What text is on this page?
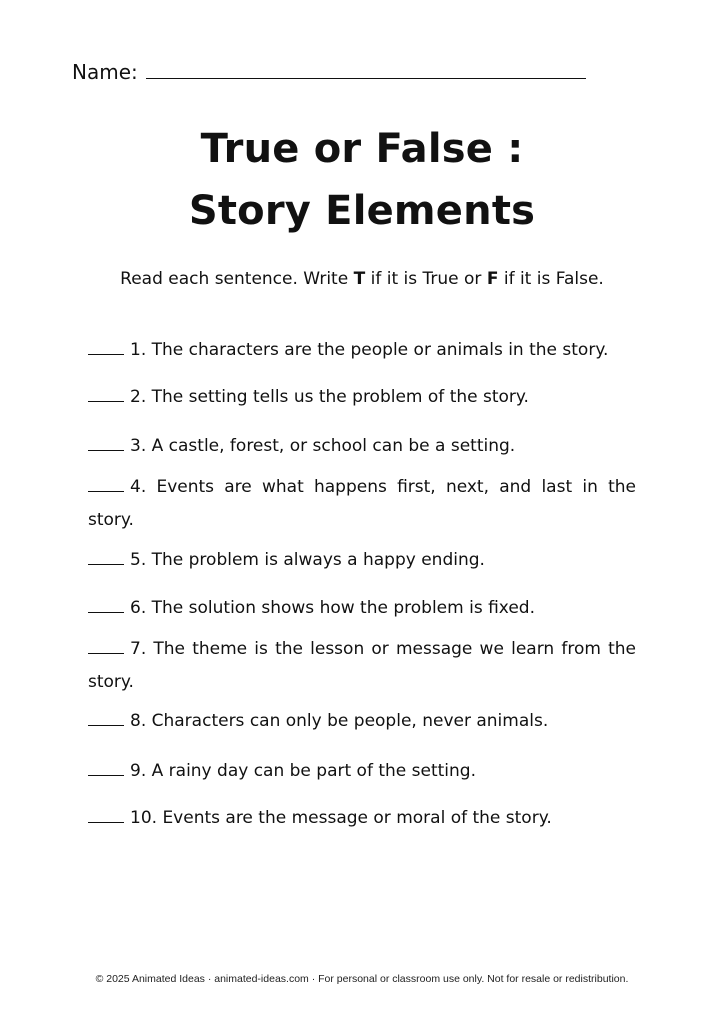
Name:
True or False :
Story Elements
Read each sentence. Write T if it is True or F if it is False.
1. The characters are the people or animals in the story.
2. The setting tells us the problem of the story.
3. A castle, forest, or school can be a setting.
4. Events are what happens first, next, and last in the story.
5. The problem is always a happy ending.
6. The solution shows how the problem is fixed.
7. The theme is the lesson or message we learn from the story.
8. Characters can only be people, never animals.
9. A rainy day can be part of the setting.
10. Events are the message or moral of the story.
© 2025 Animated Ideas · animated-ideas.com · For personal or classroom use only. Not for resale or redistribution.
